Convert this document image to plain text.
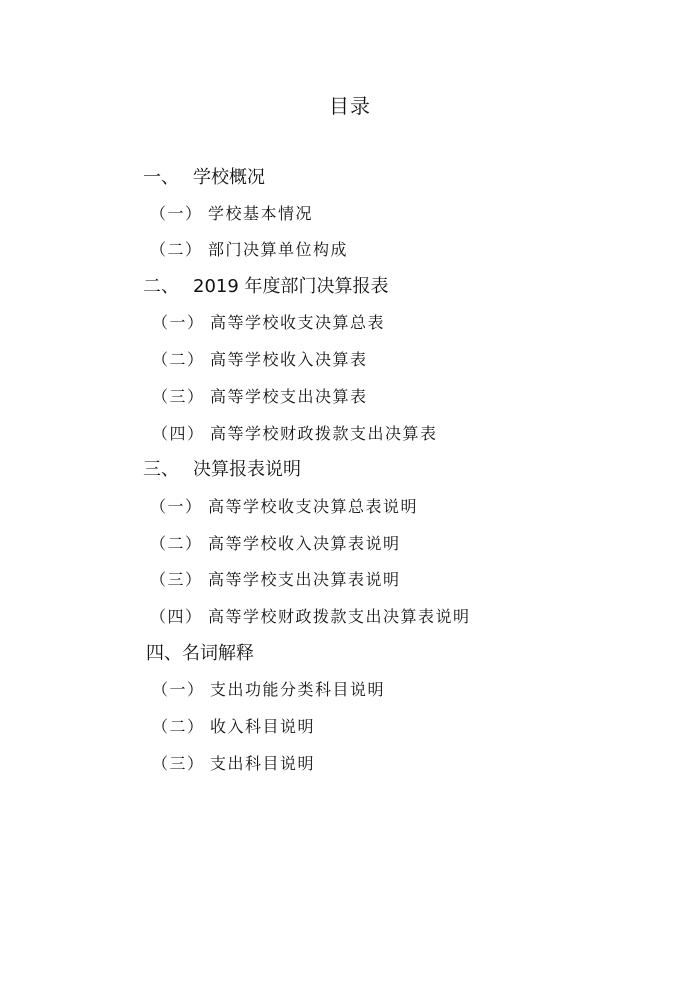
目录
一、 学校概况
（一） 学校基本情况
（二） 部门决算单位构成
二、 2019 年度部门决算报表
（一） 高等学校收支决算总表
（二） 高等学校收入决算表
（三） 高等学校支出决算表
（四） 高等学校财政拨款支出决算表
三、 决算报表说明
（一） 高等学校收支决算总表说明
（二） 高等学校收入决算表说明
（三） 高等学校支出决算表说明
（四） 高等学校财政拨款支出决算表说明
四、名词解释
（一） 支出功能分类科目说明
（二） 收入科目说明
（三） 支出科目说明
